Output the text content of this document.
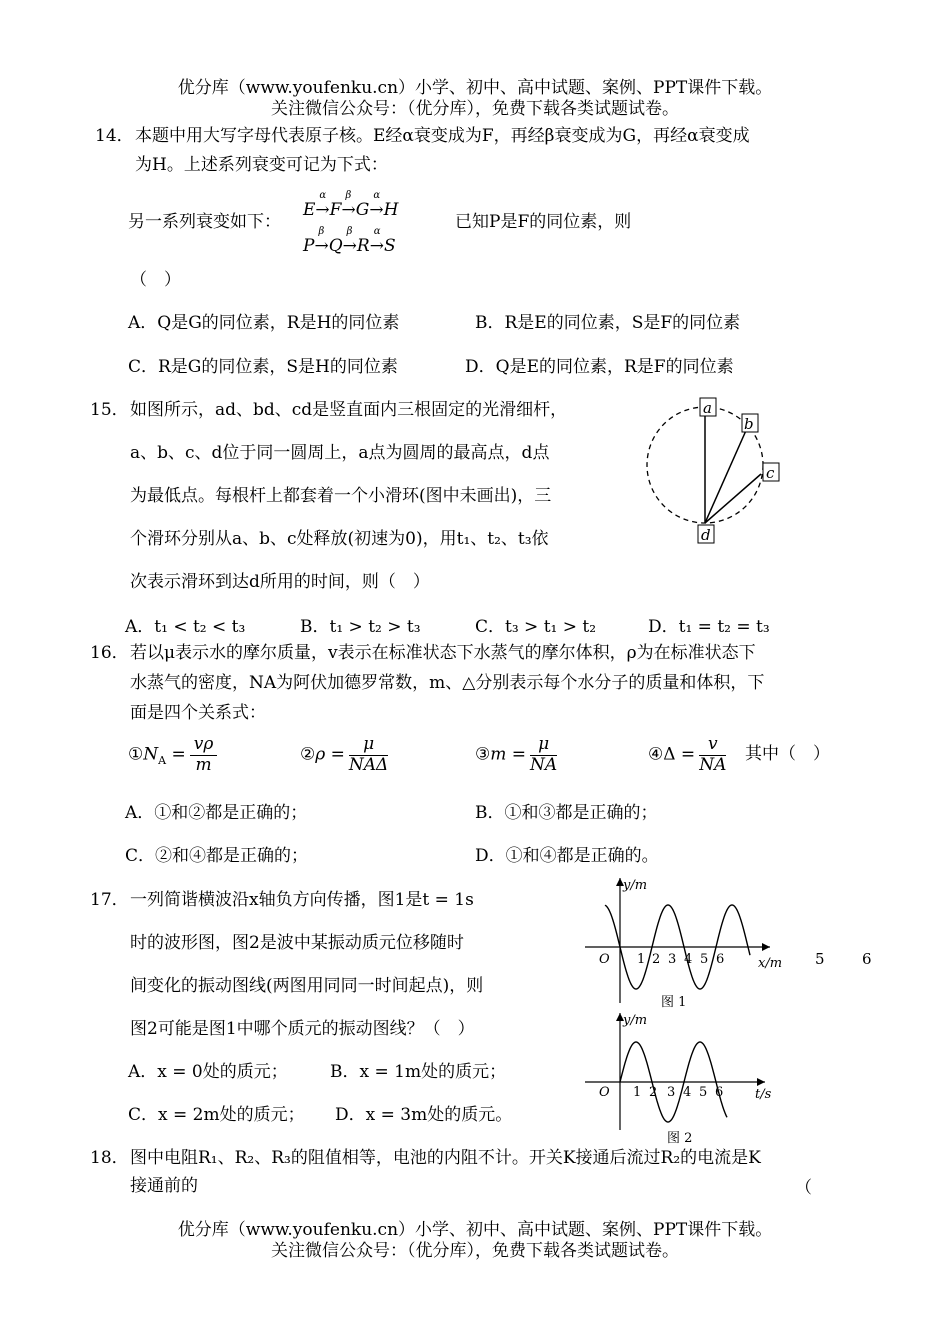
优分库（www.youfenku.cn）小学、初中、高中试题、案例、PPT课件下载。
关注微信公众号：（优分库），免费下载各类试题试卷。
14． 本题中用大写字母代表原子核。E经α衰变成为F，再经β衰变成为G，再经α衰变成
为H。上述系列衰变可记为下式：
另一系列衰变如下：
E→
α
F→
β
G→
α
H
P→
β
Q→
β
R→
α
S
已知P是F的同位素，则
（　）
A．Q是G的同位素，R是H的同位素	B．R是E的同位素，S是F的同位素
C．R是G的同位素，S是H的同位素	D．Q是E的同位素，R是F的同位素
15． 如图所示，ad、bd、cd是竖直面内三根固定的光滑细杆，
a、b、c、d位于同一圆周上，a点为圆周的最高点，d点
为最低点。每根杆上都套着一个小滑环(图中未画出)，三
个滑环分别从a、b、c处释放(初速为0)，用t₁、t₂、t₃依
次表示滑环到达d所用的时间，则（　）
a
b
c
d
A．t₁ < t₂ < t₃	B．t₁ > t₂ > t₃	C．t₃ > t₁ > t₂	D．t₁ = t₂ = t₃
16． 若以μ表示水的摩尔质量，v表示在标准状态下水蒸气的摩尔体积，ρ为在标准状态下
水蒸气的密度，NA为阿伏加德罗常数，m、△分别表示每个水分子的质量和体积，下
面是四个关系式：
$①N_A = \frac{v\rho}{m}$	②ρ = $\frac{\mu}{\text{NAΔ}}$	③m = $\frac{\mu}{NA}$	④Δ = $\frac{v}{NA}$ 其中（　）
A．①和②都是正确的；	B．①和③都是正确的；
C．②和④都是正确的；	D．①和④都是正确的。
17． 一列简谐横波沿x轴负方向传播，图1是t = 1s
时的波形图，图2是波中某振动质元位移随时
间变化的振动图线(两图用同同一时间起点)，则
图2可能是图1中哪个质元的振动图线？（　）
A．x = 0处的质元； B．x = 1m处的质元；
C．x = 2m处的质元； D．x = 3m处的质元。
y/m
O 1 2 3 4 5 6	x/m
图 1
5 6
y/m
O 1 2 3 4 5 6 t/s
图 2
18． 图中电阻R₁、R₂、R₃的阻值相等，电池的内阻不计。开关K接通后流过R₂的电流是K
接通前的	（
优分库（www.youfenku.cn）小学、初中、高中试题、案例、PPT课件下载。
关注微信公众号：（优分库），免费下载各类试题试卷。
